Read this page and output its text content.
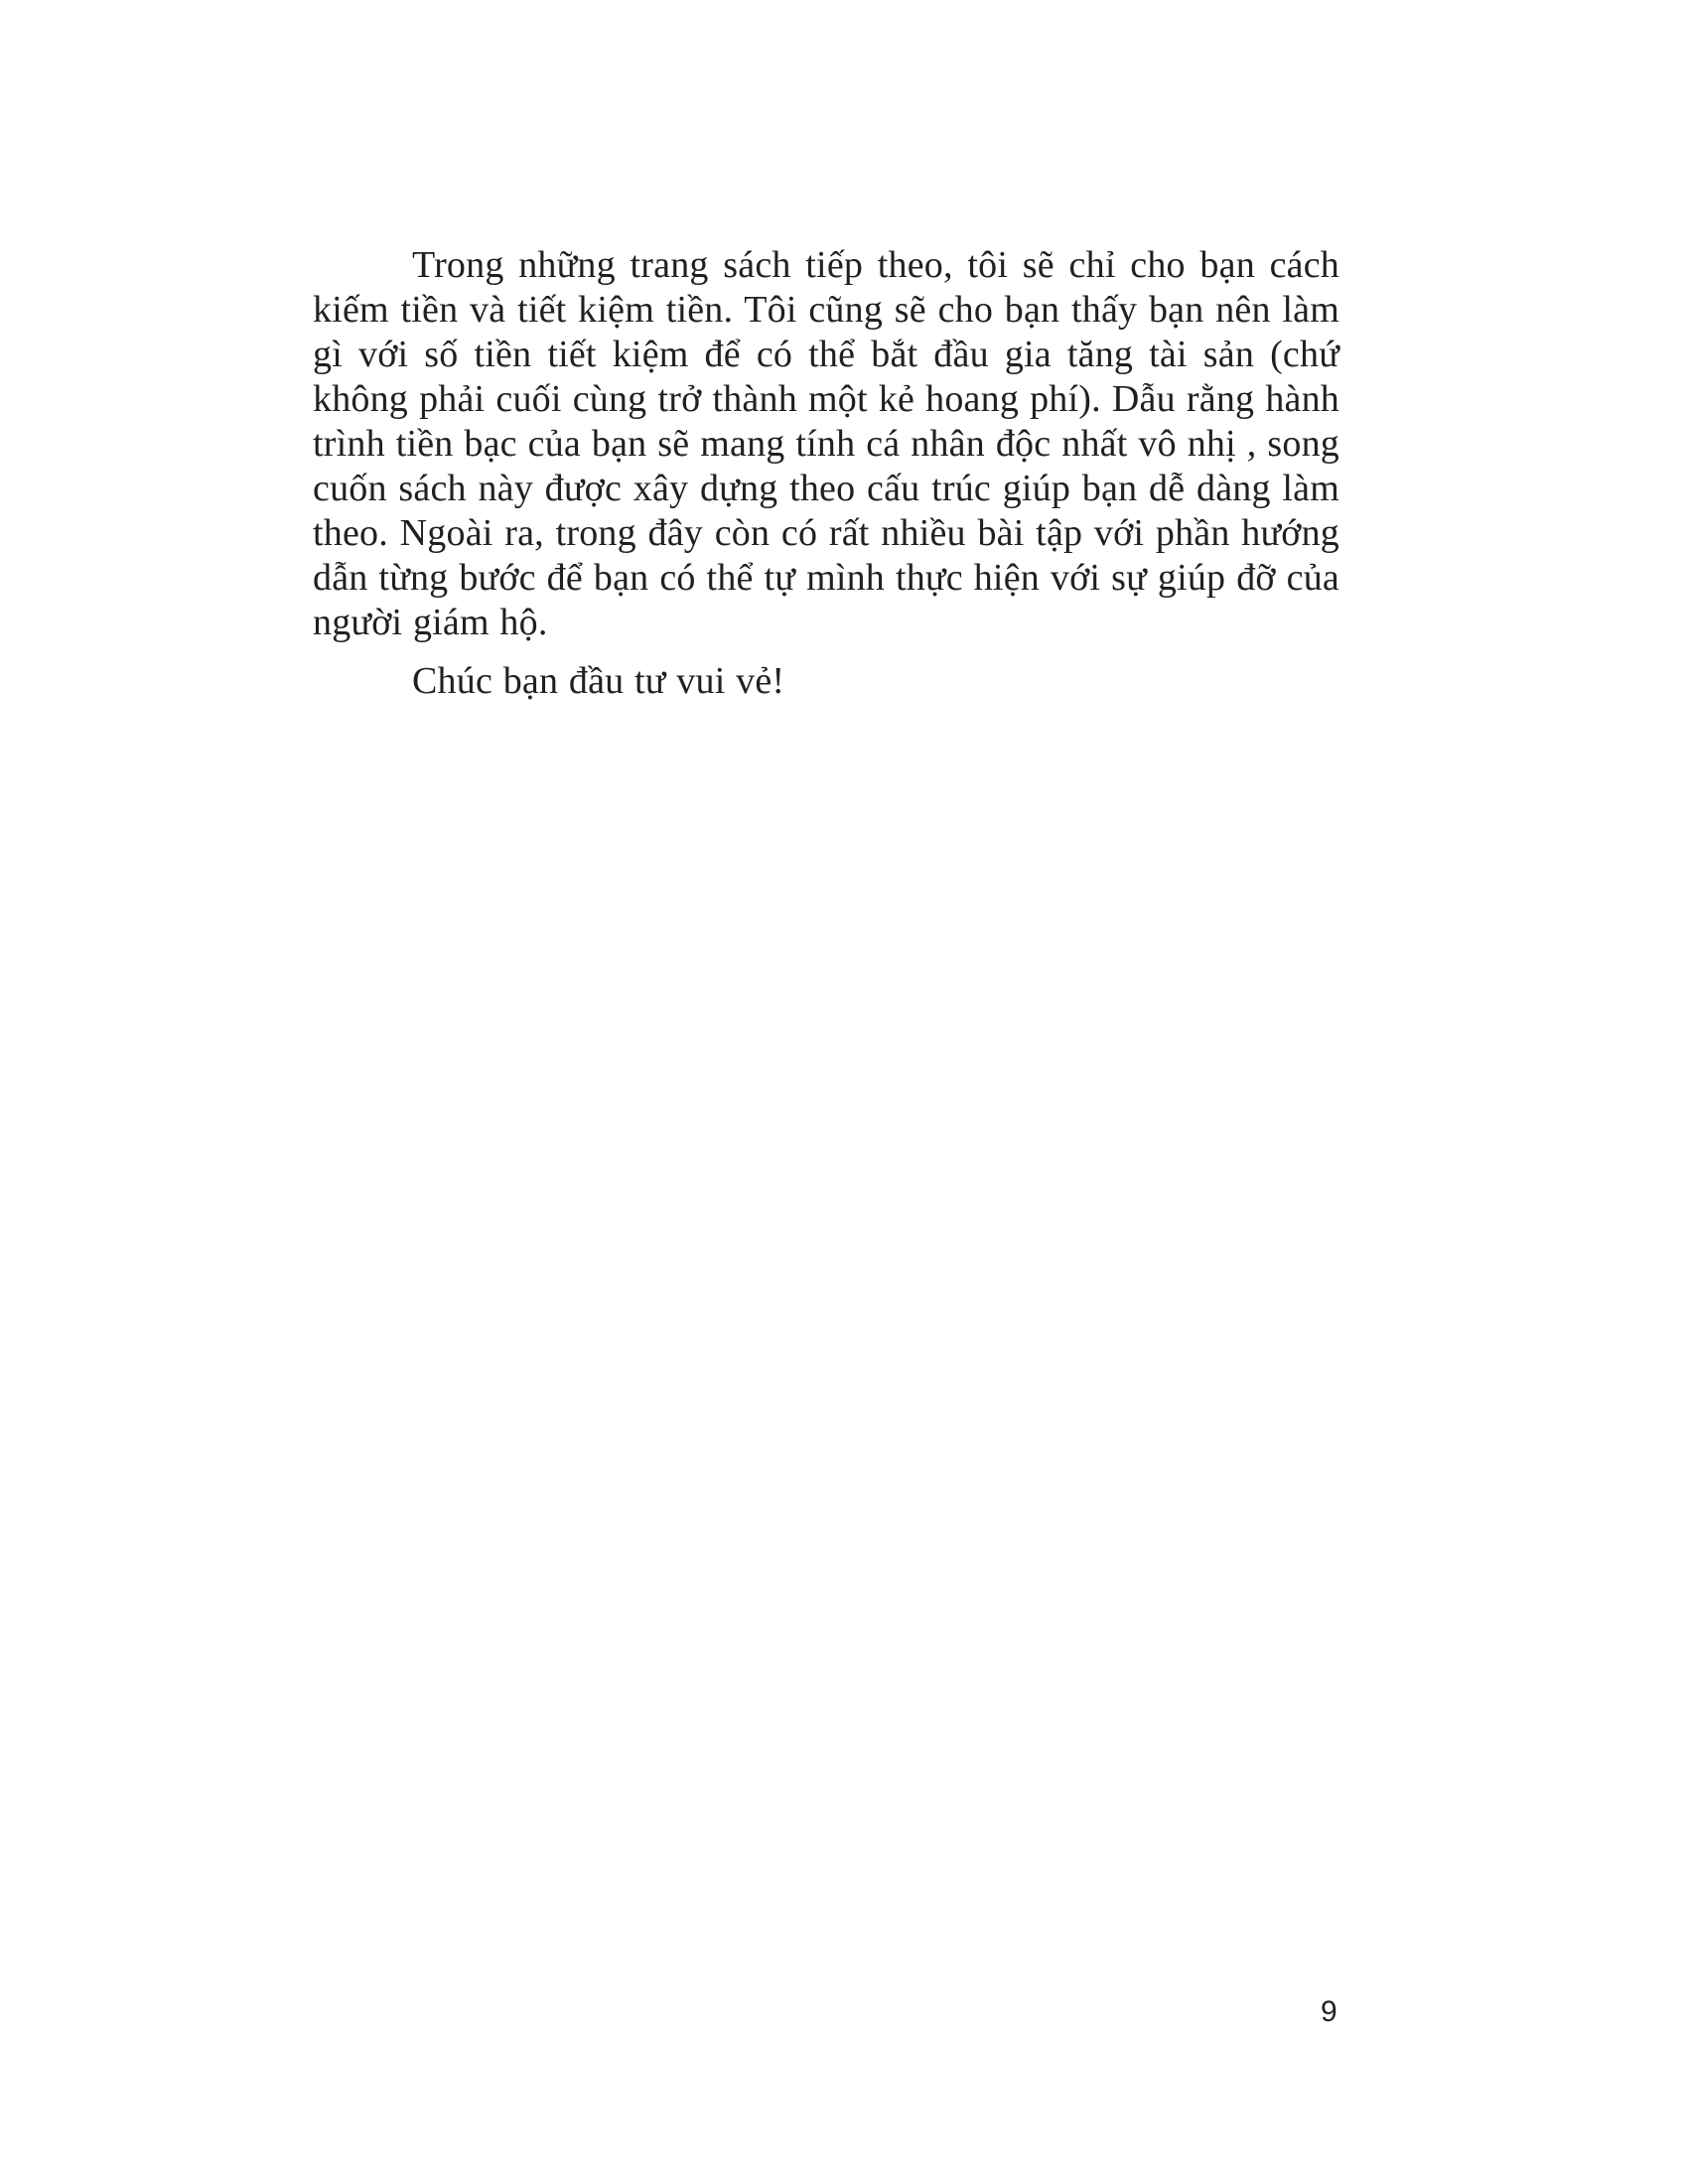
Trong những trang sách tiếp theo, tôi sẽ chỉ cho bạn cách kiếm tiền và tiết kiệm tiền. Tôi cũng sẽ cho bạn thấy bạn nên làm gì với số tiền tiết kiệm để có thể bắt đầu gia tăng tài sản (chứ không phải cuối cùng trở thành một kẻ hoang phí). Dẫu rằng hành trình tiền bạc của bạn sẽ mang tính cá nhân độc nhất vô nhị , song cuốn sách này được xây dựng theo cấu trúc giúp bạn dễ dàng làm theo. Ngoài ra, trong đây còn có rất nhiều bài tập với phần hướng dẫn từng bước để bạn có thể tự mình thực hiện với sự giúp đỡ của người giám hộ.

Chúc bạn đầu tư vui vẻ!

9
